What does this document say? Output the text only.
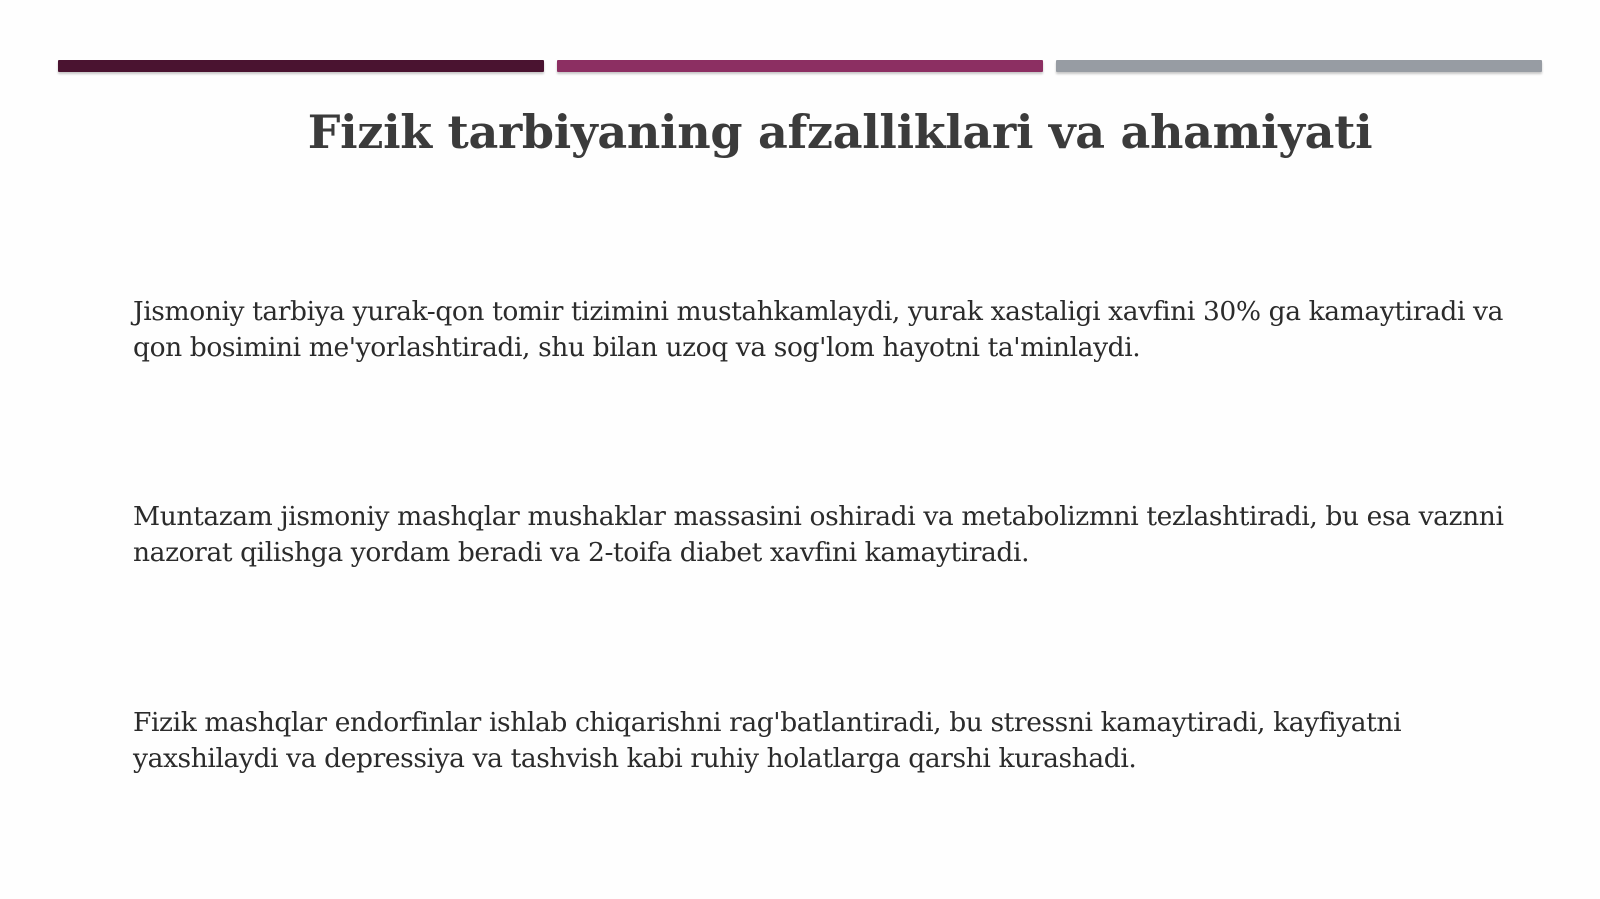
Fizik tarbiyaning afzalliklari va ahamiyati

Jismoniy tarbiya yurak-qon tomir tizimini mustahkamlaydi, yurak xastaligi xavfini 30% ga kamaytiradi va qon bosimini me'yorlashtiradi, shu bilan uzoq va sog'lom hayotni ta'minlaydi.

Muntazam jismoniy mashqlar mushaklar massasini oshiradi va metabolizmni tezlashtiradi, bu esa vaznni nazorat qilishga yordam beradi va 2-toifa diabet xavfini kamaytiradi.

Fizik mashqlar endorfinlar ishlab chiqarishni rag'batlantiradi, bu stressni kamaytiradi, kayfiyatni yaxshilaydi va depressiya va tashvish kabi ruhiy holatlarga qarshi kurashadi.
